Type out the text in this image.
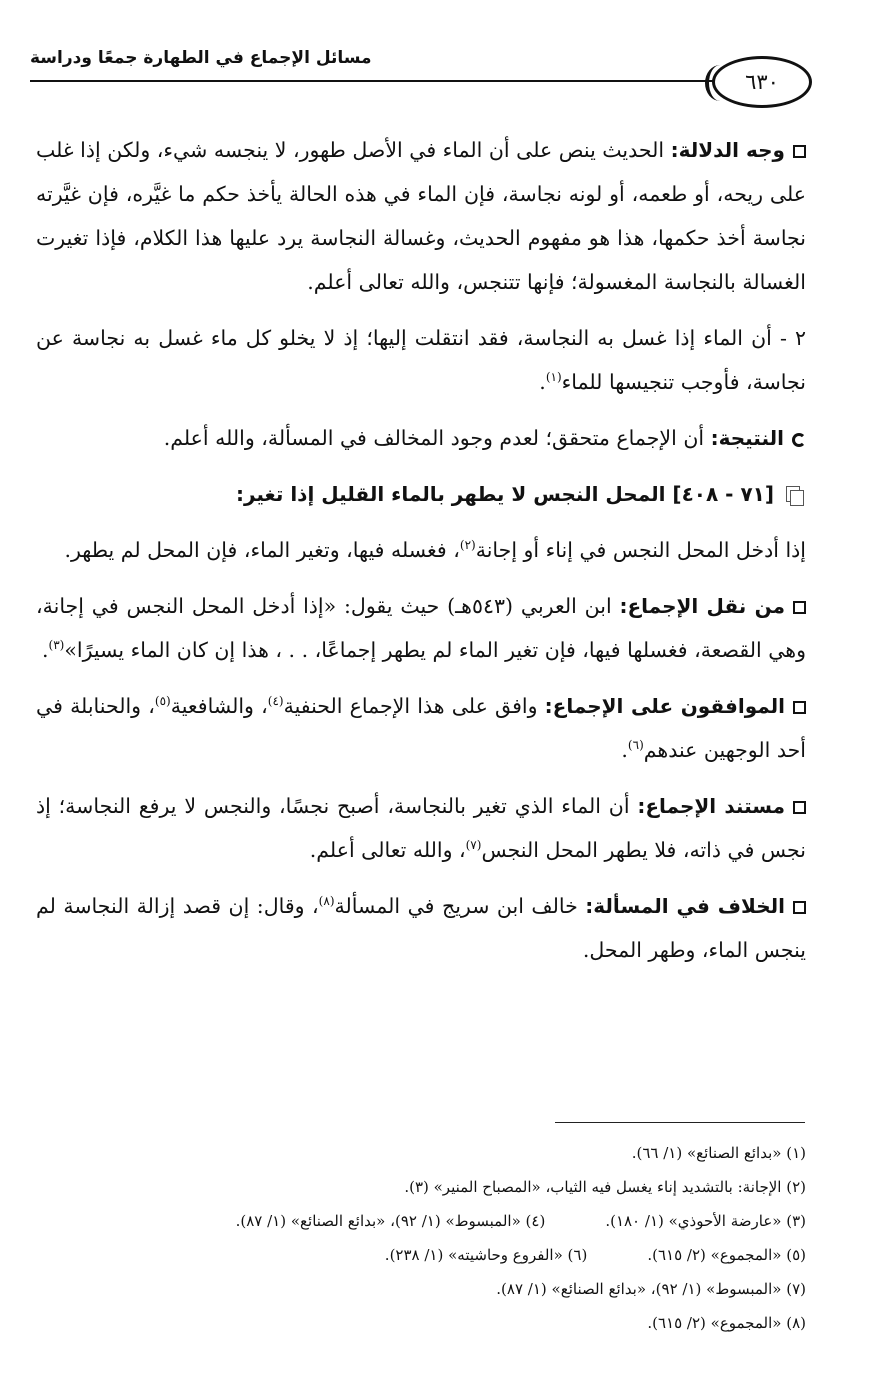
مسائل الإجماع في الطهارة جمعًا ودراسة
٦٣٠

وجه الدلالة: الحديث ينص على أن الماء في الأصل طهور، لا ينجسه شيء، ولكن إذا غلب على ريحه، أو طعمه، أو لونه نجاسة، فإن الماء في هذه الحالة يأخذ حكم ما غيَّره، فإن غيَّرته نجاسة أخذ حكمها، هذا هو مفهوم الحديث، وغسالة النجاسة يرد عليها هذا الكلام، فإذا تغيرت الغسالة بالنجاسة المغسولة؛ فإنها تتنجس، والله تعالى أعلم.

٢ - أن الماء إذا غسل به النجاسة، فقد انتقلت إليها؛ إذ لا يخلو كل ماء غسل به نجاسة عن نجاسة، فأوجب تنجيسها للماء$^{(١)}$.

النتيجة: أن الإجماع متحقق؛ لعدم وجود المخالف في المسألة، والله أعلم.

[٧١ - ٤٠٨] المحل النجس لا يطهر بالماء القليل إذا تغير:

إذا أدخل المحل النجس في إناء أو إجانة$^{(٢)}$، فغسله فيها، وتغير الماء، فإن المحل لم يطهر.

من نقل الإجماع: ابن العربي (٥٤٣هـ) حيث يقول: «إذا أدخل المحل النجس في إجانة، وهي القصعة، فغسلها فيها، فإن تغير الماء لم يطهر إجماعًا، . . ، هذا إن كان الماء يسيرًا»$^{(٣)}$.

الموافقون على الإجماع: وافق على هذا الإجماع الحنفية$^{(٤)}$، والشافعية$^{(٥)}$، والحنابلة في أحد الوجهين عندهم$^{(٦)}$.

مستند الإجماع: أن الماء الذي تغير بالنجاسة، أصبح نجسًا، والنجس لا يرفع النجاسة؛ إذ نجس في ذاته، فلا يطهر المحل النجس$^{(٧)}$، والله تعالى أعلم.

الخلاف في المسألة: خالف ابن سريج في المسألة$^{(٨)}$، وقال: إن قصد إزالة النجاسة لم ينجس الماء، وطهر المحل.

(١) «بدائع الصنائع» (١/ ٦٦).
(٢) الإجانة: بالتشديد إناء يغسل فيه الثياب، «المصباح المنير» (٣).
(٣) «عارضة الأحوذي» (١/ ١٨٠).(٤) «المبسوط» (١/ ٩٢)، «بدائع الصنائع» (١/ ٨٧).
(٥) «المجموع» (٢/ ٦١٥).(٦) «الفروع وحاشيته» (١/ ٢٣٨).
(٧) «المبسوط» (١/ ٩٢)، «بدائع الصنائع» (١/ ٨٧).
(٨) «المجموع» (٢/ ٦١٥).
